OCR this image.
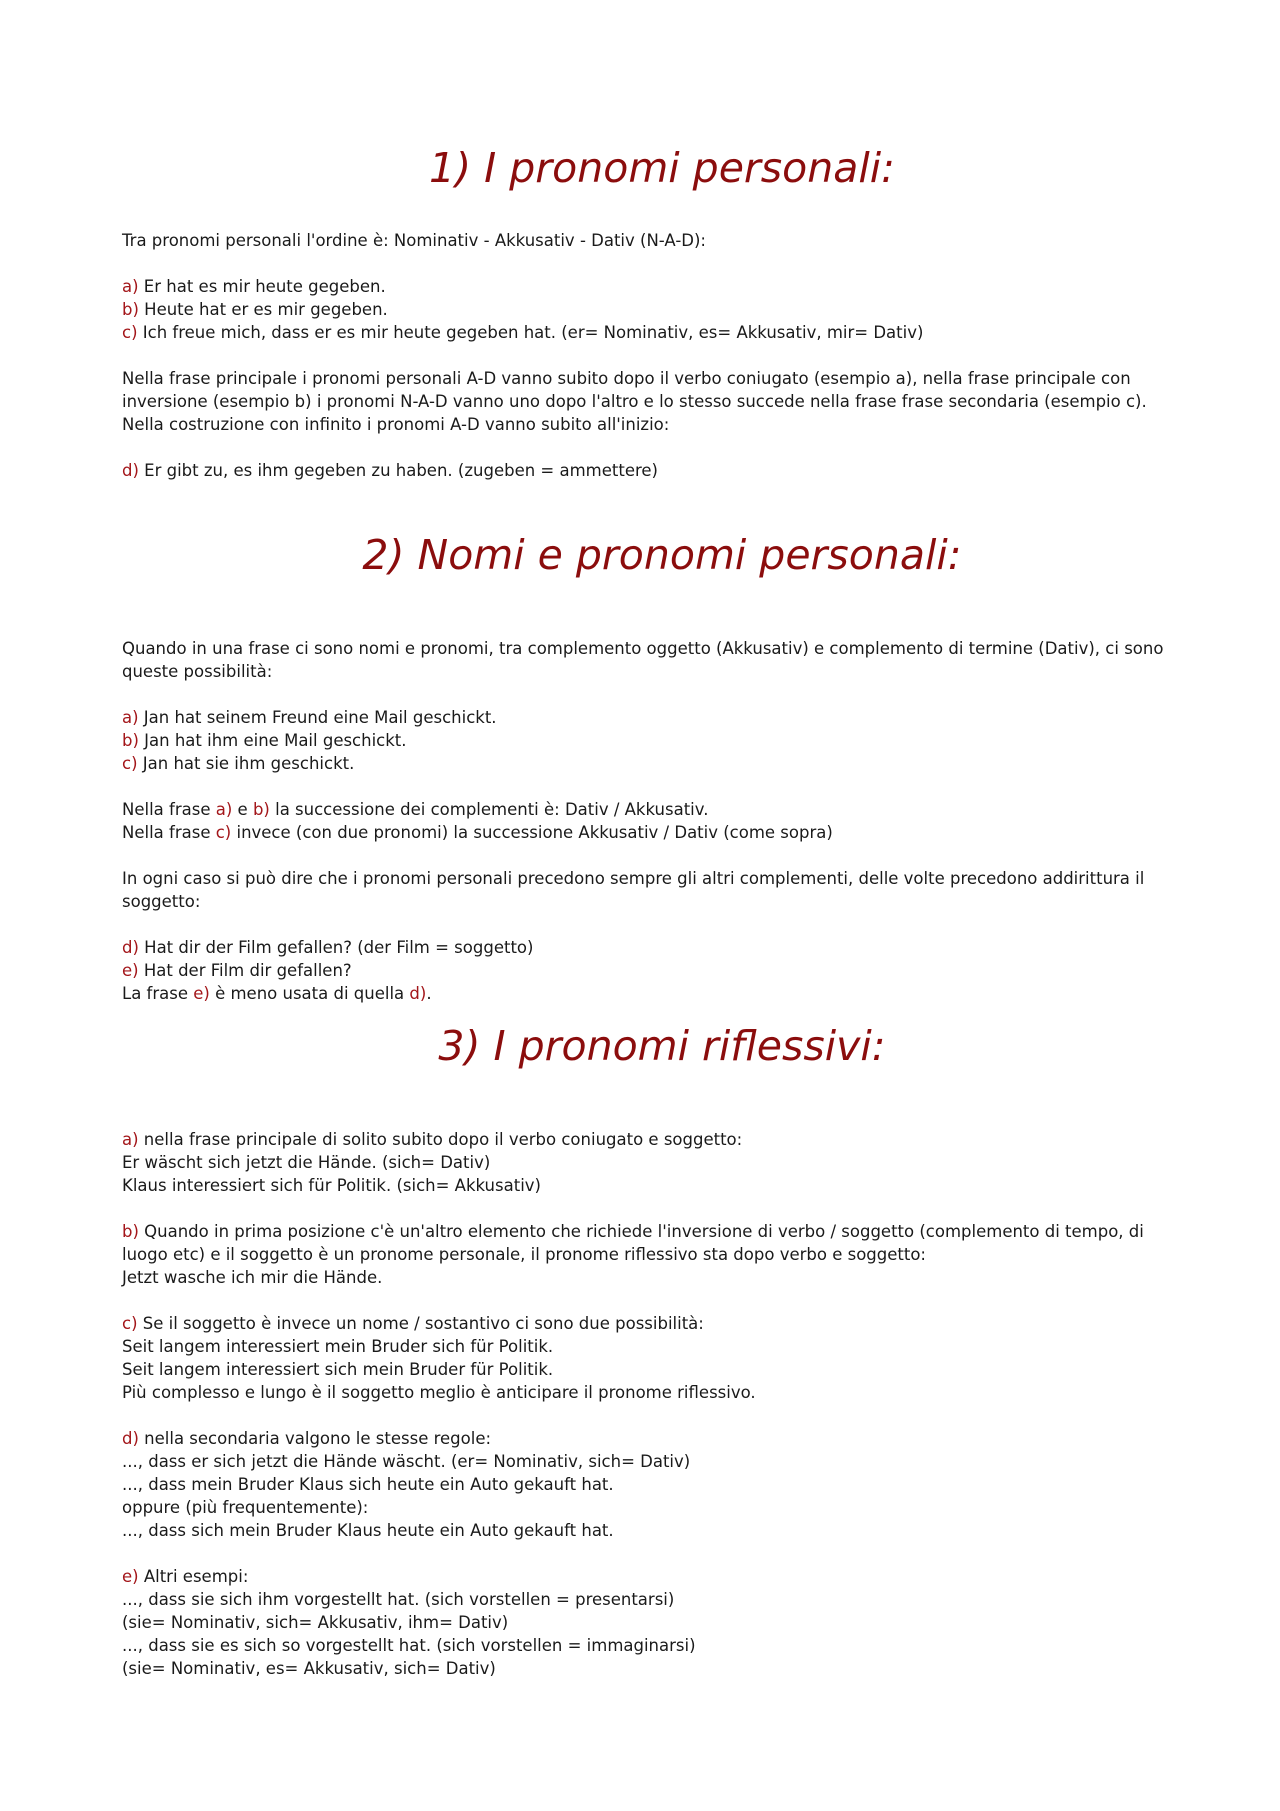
1) I pronomi personali:

Tra pronomi personali l'ordine è: Nominativ - Akkusativ - Dativ (N-A-D):

a) Er hat es mir heute gegeben.

b) Heute hat er es mir gegeben.

c) Ich freue mich, dass er es mir heute gegeben hat. (er= Nominativ, es= Akkusativ, mir= Dativ)

Nella frase principale i pronomi personali A-D vanno subito dopo il verbo coniugato (esempio a), nella frase principale con inversione (esempio b) i pronomi N-A-D vanno uno dopo l'altro e lo stesso succede nella frase frase secondaria (esempio c).

Nella costruzione con infinito i pronomi A-D vanno subito all'inizio:

d) Er gibt zu, es ihm gegeben zu haben. (zugeben = ammettere)

2) Nomi e pronomi personali:

Quando in una frase ci sono nomi e pronomi, tra complemento oggetto (Akkusativ) e complemento di termine (Dativ), ci sono queste possibilità:

a) Jan hat seinem Freund eine Mail geschickt.

b) Jan hat ihm eine Mail geschickt.

c) Jan hat sie ihm geschickt.

Nella frase a) e b) la successione dei complementi è: Dativ / Akkusativ.

Nella frase c) invece (con due pronomi) la successione Akkusativ / Dativ (come sopra)

In ogni caso si può dire che i pronomi personali precedono sempre gli altri complementi, delle volte precedono addirittura il soggetto:

d) Hat dir der Film gefallen? (der Film = soggetto)

e) Hat der Film dir gefallen?

La frase e) è meno usata di quella d).

3) I pronomi riflessivi:

a) nella frase principale di solito subito dopo il verbo coniugato e soggetto:

Er wäscht sich jetzt die Hände. (sich= Dativ)

Klaus interessiert sich für Politik. (sich= Akkusativ)

b) Quando in prima posizione c'è un'altro elemento che richiede l'inversione di verbo / soggetto (complemento di tempo, di luogo etc) e il soggetto è un pronome personale, il pronome riflessivo sta dopo verbo e soggetto:

Jetzt wasche ich mir die Hände.

c) Se il soggetto è invece un nome / sostantivo ci sono due possibilità:

Seit langem interessiert mein Bruder sich für Politik.

Seit langem interessiert sich mein Bruder für Politik.

Più complesso e lungo è il soggetto meglio è anticipare il pronome riflessivo.

d) nella secondaria valgono le stesse regole:

..., dass er sich jetzt die Hände wäscht. (er= Nominativ, sich= Dativ)

..., dass mein Bruder Klaus sich heute ein Auto gekauft hat.

oppure (più frequentemente):

..., dass sich mein Bruder Klaus heute ein Auto gekauft hat.

e) Altri esempi:

..., dass sie sich ihm vorgestellt hat. (sich vorstellen = presentarsi)

(sie= Nominativ, sich= Akkusativ, ihm= Dativ)

..., dass sie es sich so vorgestellt hat. (sich vorstellen = immaginarsi)

(sie= Nominativ, es= Akkusativ, sich= Dativ)
